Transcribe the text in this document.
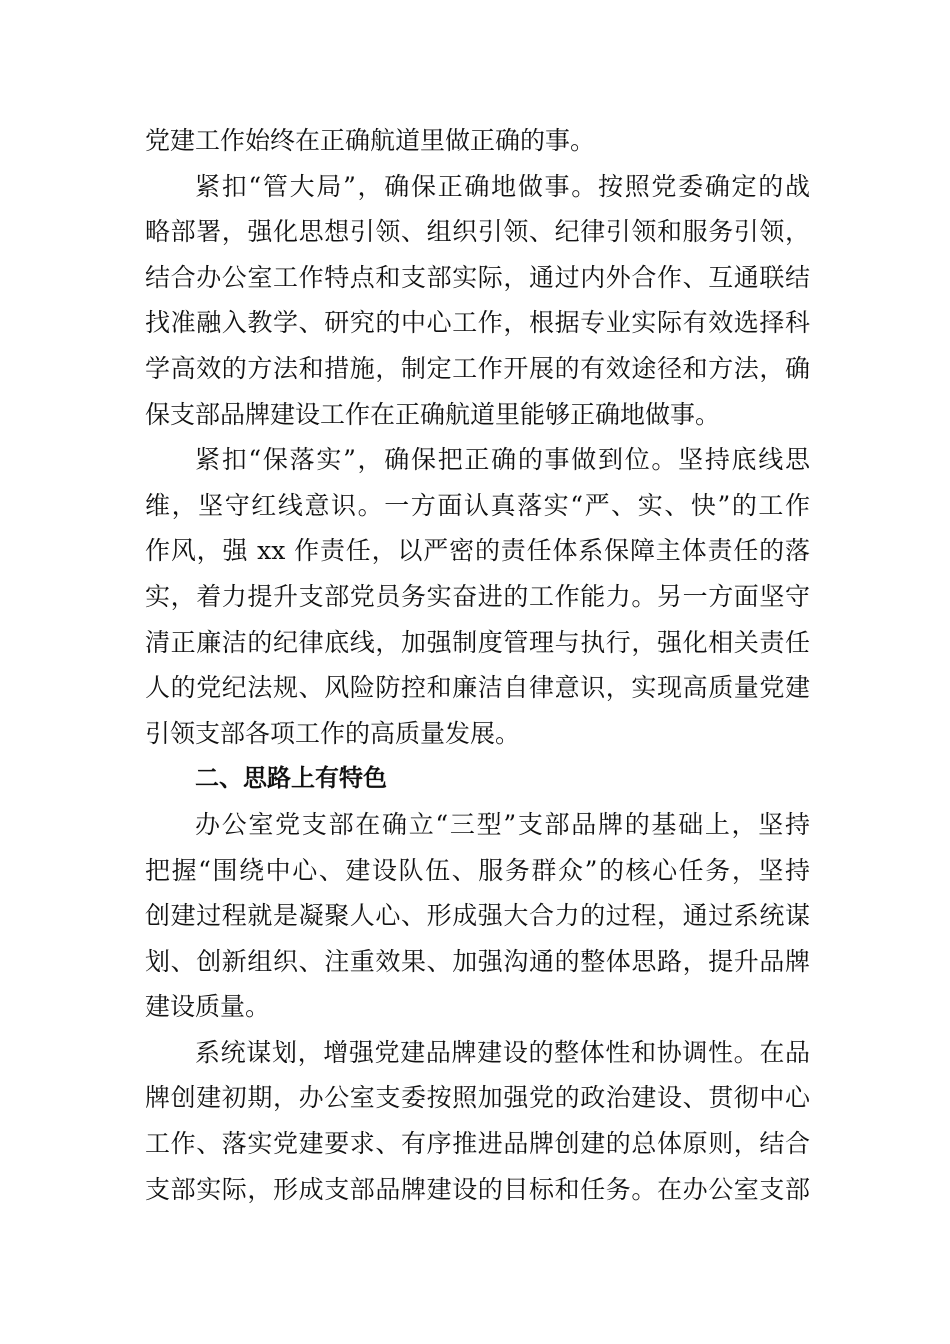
党建工作始终在正确航道里做正确的事。
紧扣“管大局”，确保正确地做事。按照党委确定的战
略部署，强化思想引领、组织引领、纪律引领和服务引领，
结合办公室工作特点和支部实际，通过内外合作、互通联结
找准融入教学、研究的中心工作，根据专业实际有效选择科
学高效的方法和措施，制定工作开展的有效途径和方法，确
保支部品牌建设工作在正确航道里能够正确地做事。
紧扣“保落实”，确保把正确的事做到位。坚持底线思
维，坚守红线意识。一方面认真落实“严、实、快”的工作
作风，强 xx 作责任，以严密的责任体系保障主体责任的落
实，着力提升支部党员务实奋进的工作能力。另一方面坚守
清正廉洁的纪律底线，加强制度管理与执行，强化相关责任
人的党纪法规、风险防控和廉洁自律意识，实现高质量党建
引领支部各项工作的高质量发展。
二、思路上有特色
办公室党支部在确立“三型”支部品牌的基础上，坚持
把握“围绕中心、建设队伍、服务群众”的核心任务，坚持
创建过程就是凝聚人心、形成强大合力的过程，通过系统谋
划、创新组织、注重效果、加强沟通的整体思路，提升品牌
建设质量。
系统谋划，增强党建品牌建设的整体性和协调性。在品
牌创建初期，办公室支委按照加强党的政治建设、贯彻中心
工作、落实党建要求、有序推进品牌创建的总体原则，结合
支部实际，形成支部品牌建设的目标和任务。在办公室支部
